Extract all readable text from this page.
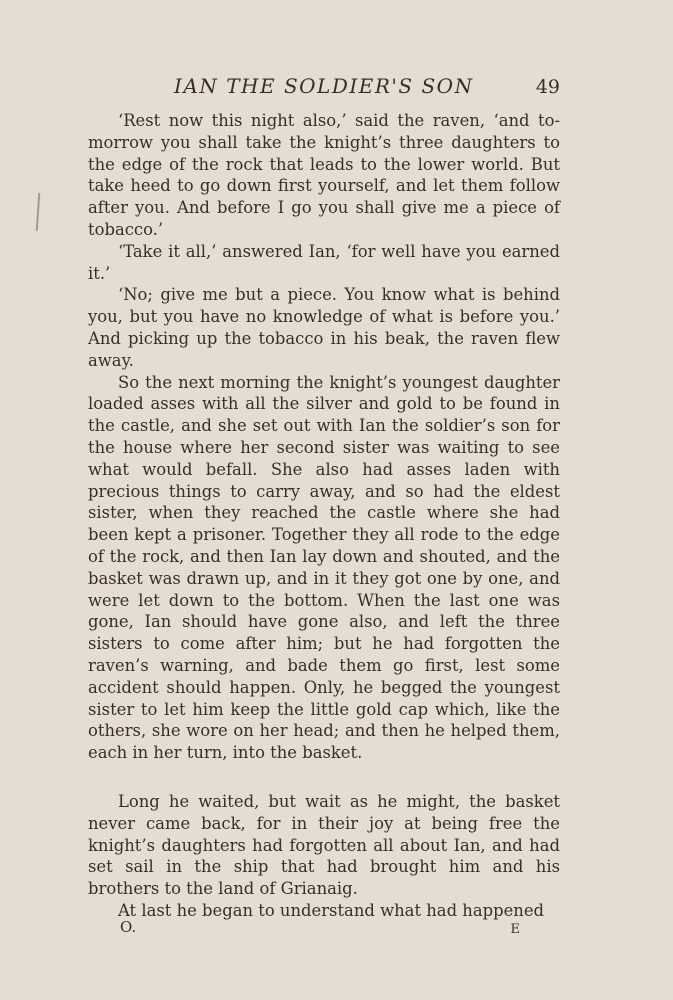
IAN THE SOLDIER'S SON	49

‘Rest now this night also,’ said the raven, ‘and to-morrow you shall take the knight’s three daughters to the edge of the rock that leads to the lower world. But take heed to go down first yourself, and let them follow after you. And before I go you shall give me a piece of tobacco.’

‘Take it all,’ answered Ian, ‘for well have you earned it.’

‘No; give me but a piece. You know what is behind you, but you have no knowledge of what is before you.’ And picking up the tobacco in his beak, the raven flew away.

So the next morning the knight’s youngest daughter loaded asses with all the silver and gold to be found in the castle, and she set out with Ian the soldier’s son for the house where her second sister was waiting to see what would befall. She also had asses laden with precious things to carry away, and so had the eldest sister, when they reached the castle where she had been kept a prisoner. Together they all rode to the edge of the rock, and then Ian lay down and shouted, and the basket was drawn up, and in it they got one by one, and were let down to the bottom. When the last one was gone, Ian should have gone also, and left the three sisters to come after him; but he had forgotten the raven’s warning, and bade them go first, lest some accident should happen. Only, he begged the youngest sister to let him keep the little gold cap which, like the others, she wore on her head; and then he helped them, each in her turn, into the basket.

Long he waited, but wait as he might, the basket never came back, for in their joy at being free the knight’s daughters had forgotten all about Ian, and had set sail in the ship that had brought him and his brothers to the land of Grianaig.

At last he began to understand what had happened

O.	E
